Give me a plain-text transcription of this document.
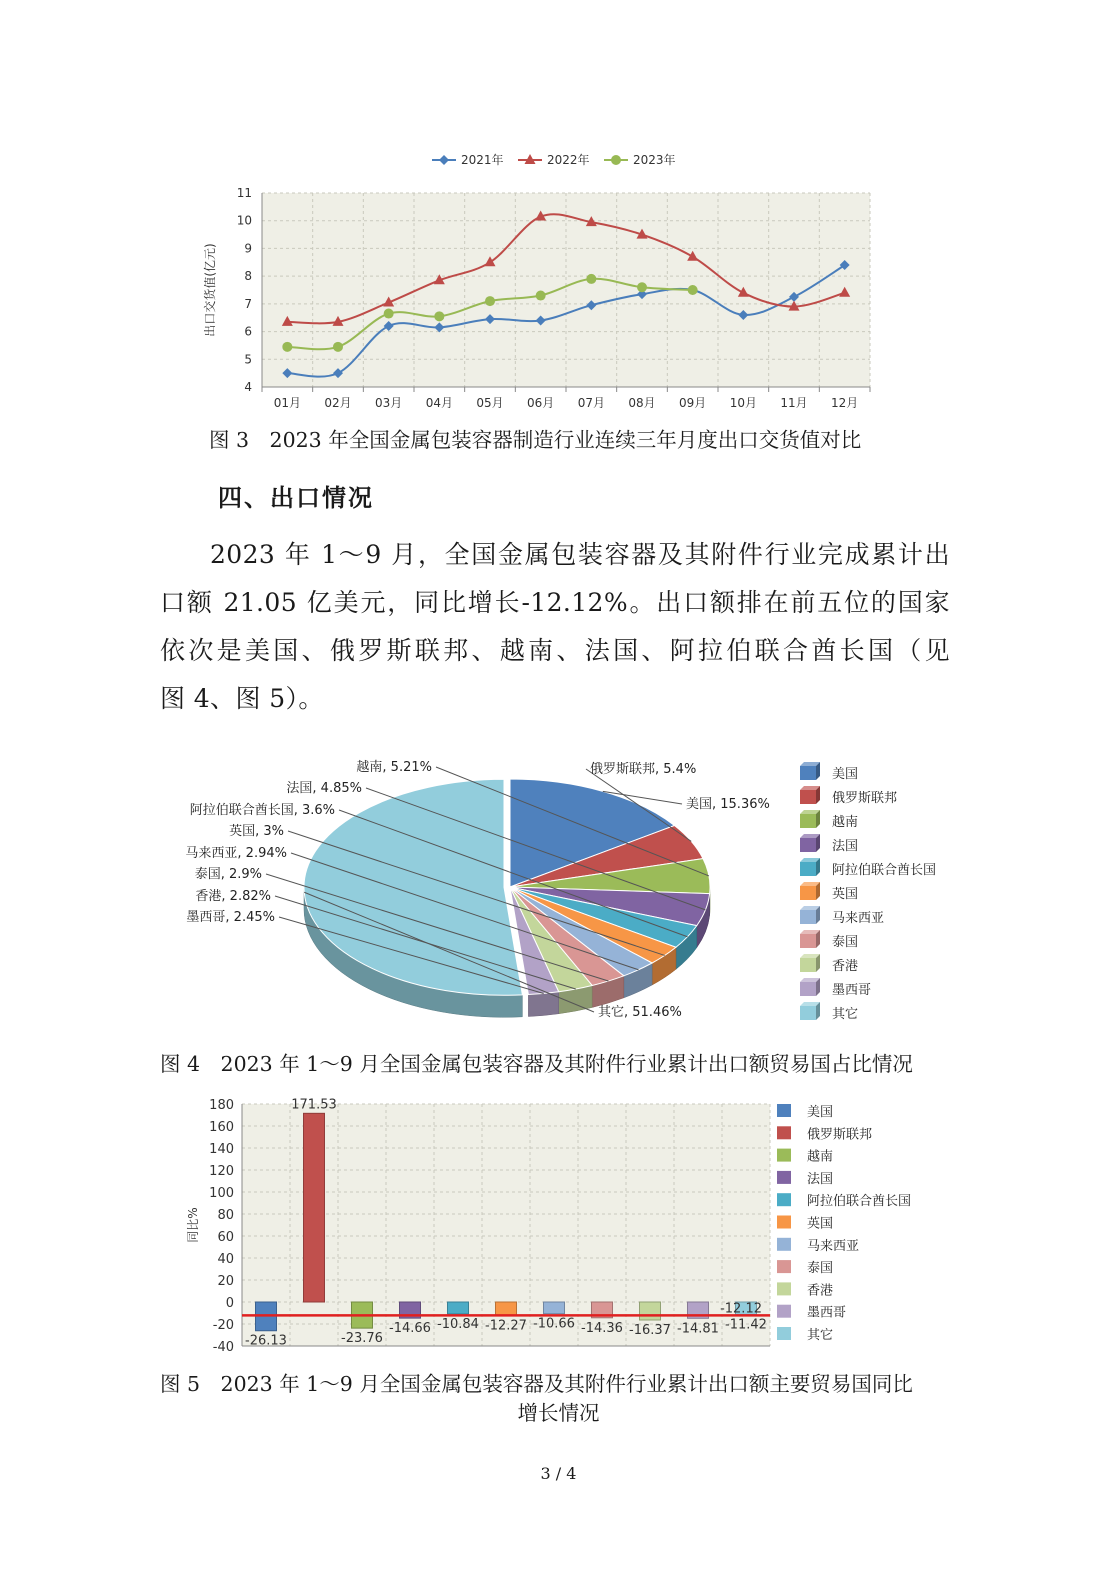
4
5
6
7
8
9
10
11
01月 02月 03月 04月 05月 06月 07月 08月 09月 10月 11月 12月
出口交货值(亿元)
2021年	2022年	2023年
图 3　2023 年全国金属包装容器制造行业连续三年月度出口交货值对比
四、出口情况
2023 年 1～9 月，全国金属包装容器及其附件行业完成累计出
口额 21.05 亿美元，同比增长-12.12%。出口额排在前五位的国家
依次是美国、俄罗斯联邦、越南、法国、阿拉伯联合酋长国（见
图 4、图 5）。
美国, 15.36%
俄罗斯联邦, 5.4%
越南, 5.21%
法国, 4.85%
阿拉伯联合酋长国, 3.6%
英国, 3%
马来西亚, 2.94%
泰国, 2.9%
香港, 2.82%
墨西哥, 2.45%
其它, 51.46%
美国
俄罗斯联邦
越南
法国
阿拉伯联合酋长国
英国
马来西亚
泰国
香港
墨西哥
其它
图 4　2023 年 1～9 月全国金属包装容器及其附件行业累计出口额贸易国占比情况
-40
-20
0
20
40
60
80
100
120
140
160
180
同比%
-26.13
171.53
-23.76
-14.66 -10.84 -12.27 -10.66 -14.36 -16.37 -14.81 -11.42
-12.12
美国
俄罗斯联邦
越南
法国
阿拉伯联合酋长国
英国
马来西亚
泰国
香港
墨西哥
其它
图 5　2023 年 1～9 月全国金属包装容器及其附件行业累计出口额主要贸易国同比
增长情况
3 / 4
